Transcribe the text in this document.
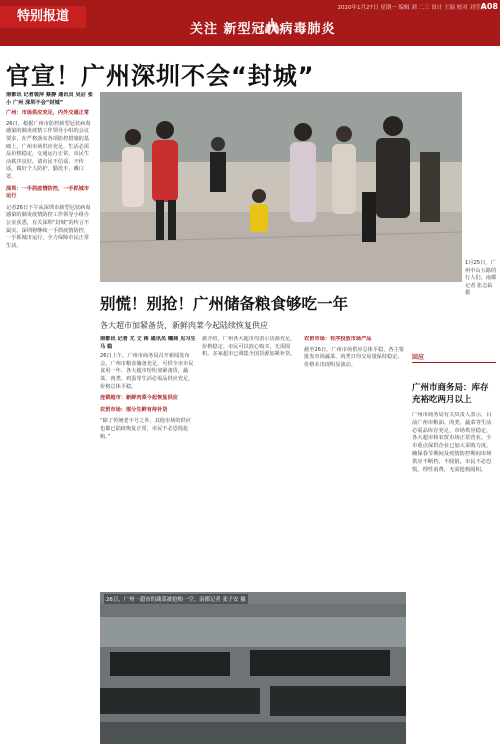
特别报道
2020年1月27日 星期一 编辑 刘 二三 设计 王瑞 校对 刘莹莹
A08
关注 新型冠状病毒肺炎
官宣！广州深圳不会“封城”
南都讯 记者裘萍 蔡静 通讯员 吴启 张小 广州 深圳不会“封城”
广州：市场供应充足，内外交通正常
26日，根据广州市防控新型冠状病毒感染的肺炎疫情工作领导小组的会议要求，在严格落实各项防控措施的基础上，广州市场供应充足，生活必需品价格稳定，交通运行正常，市民生活秩序良好。请市民不信谣、不传谣，做好个人防护，勤洗手、戴口罩。
深圳：一手抓疫情防控，一手抓城市运行
记者26日下午从深圳市新型冠状病毒感染的肺炎疫情防控工作领导小组办公室获悉，有关深圳“封城”的传言不属实。深圳将继续一手抓疫情防控，一手抓城市运行，全力保障市民正常生活。
1月25日，广州中山五路的行人们。南都记者 张志钻 摄
别慌！别抢！广州储备粮食够吃一年
各大超市加紧备货，新鲜肉菜今起陆续恢复供应
南都讯 记者 尤 文 蒋 通讯员 穗商 见习生 马 稳
26日上午，广州市商务局召开新闻发布会。广州市粮食储备充足，可供全市市民食用一年。各大超市纷纷加紧备货，蔬菜、肉类、鸡蛋等生活必需品供应充足，价格总体平稳。
连锁超市：新鲜肉菜今起恢复供应
农贸市场：部分生鲜有待补货
“除了传统老字号之外，其他市场的供应也都已陆续恢复正常，市民不必恐慌抢购。”
据介绍，广州各大超市均表示货源充足，价格稳定。市民可以放心购买，无需囤积。多家超市已调集全国货源加紧补货。
农贸市场：有序投放市场产品
截至26日，广州市场供应总体平稳，各主要批发市场蔬菜、肉类日均交易量保持稳定，价格未出现明显波动。
26日，广州一超市的蔬菜被抢购一空。南都记者 张子安 摄
回应
广州市商务局：库存充裕吃两月以上
广州市商务局有关负责人表示，目前广州市粮油、肉类、蔬菜等生活必需品库存充足，市场供应稳定，各大超市和农贸市场正常营业。全市重点保供企业已加大采购力度，确保春节期间及疫情防控期间市场供应不断档、不脱销。市民不必恐慌，理性消费，无需抢购囤积。
